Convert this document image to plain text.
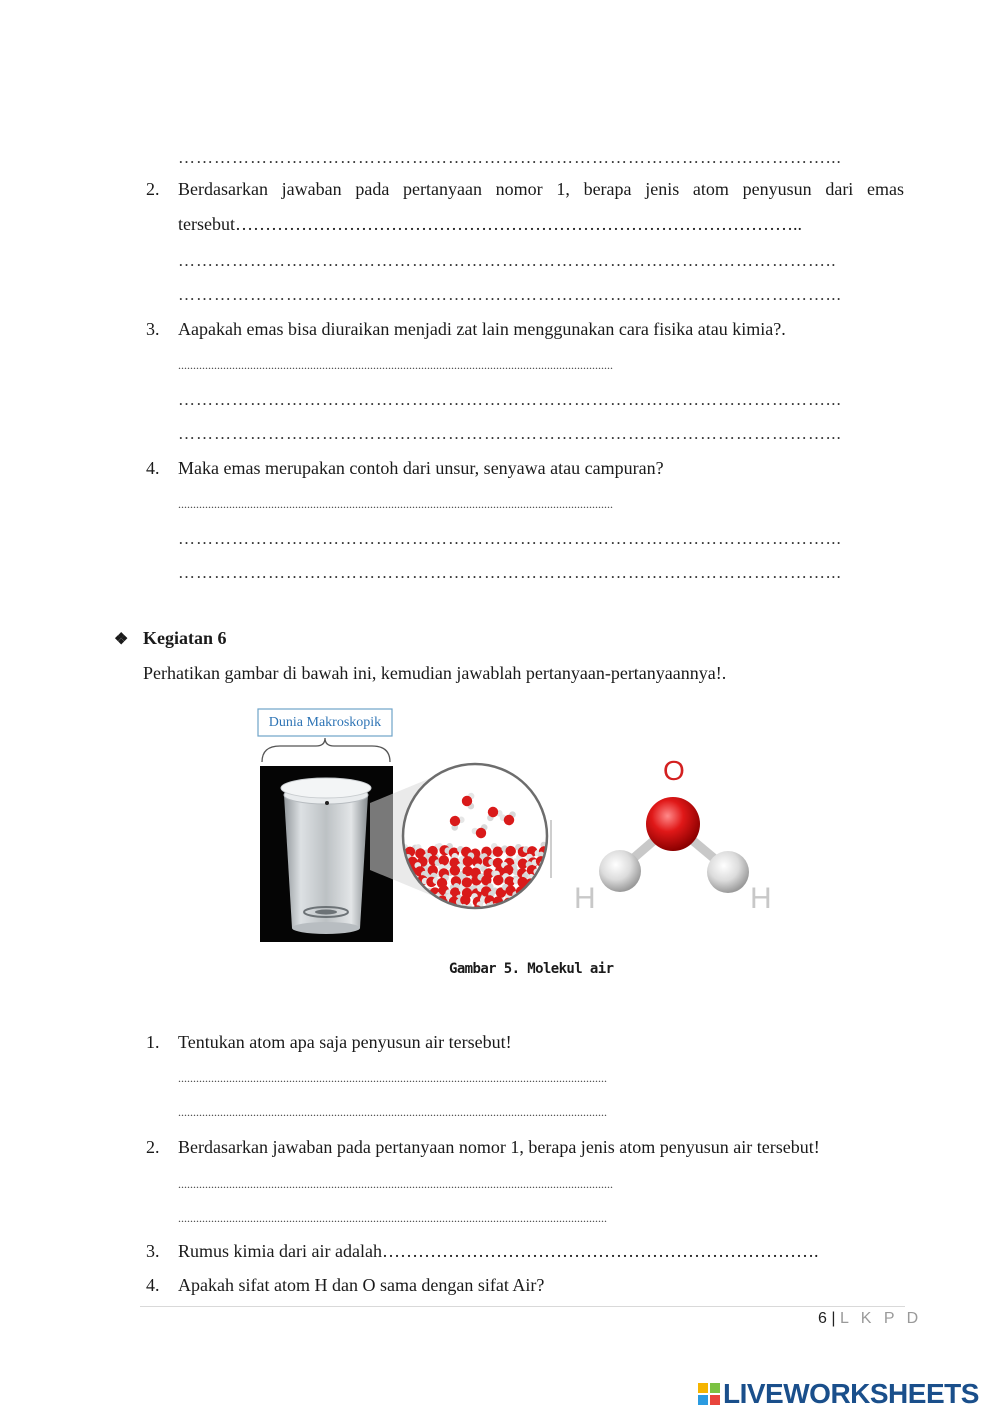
………………………………………………………………………………………………...
2. Berdasarkan jawaban pada pertanyaan nomor 1, berapa jenis atom penyusun dari emas
tersebut…………………………………………………………………………………..
………………………………………………………………………………………………..
………………………………………………………………………………………………...
3. Aapakah emas bisa diuraikan menjadi zat lain menggunakan cara fisika atau kimia?.
.................................................................................................................................................
………………………………………………………………………………………………...
………………………………………………………………………………………………...
4. Maka emas merupakan contoh dari unsur, senyawa atau campuran?
.................................................................................................................................................
………………………………………………………………………………………………...
………………………………………………………………………………………………...
❖ Kegiatan 6
Perhatikan gambar di bawah ini, kemudian jawablah pertanyaan-pertanyaannya!.
Dunia Makroskopik
O
H	H
Gambar 5. Molekul air
1. Tentukan atom apa saja penyusun air tersebut!
...............................................................................................................................................
...............................................................................................................................................
2. Berdasarkan jawaban pada pertanyaan nomor 1, berapa jenis atom penyusun air tersebut!
.................................................................................................................................................
...............................................................................................................................................
3. Rumus kimia dari air adalah……………………………………………………………….
4. Apakah sifat atom H dan O sama dengan sifat Air?
6 | L K P D
LIVEWORKSHEETS
